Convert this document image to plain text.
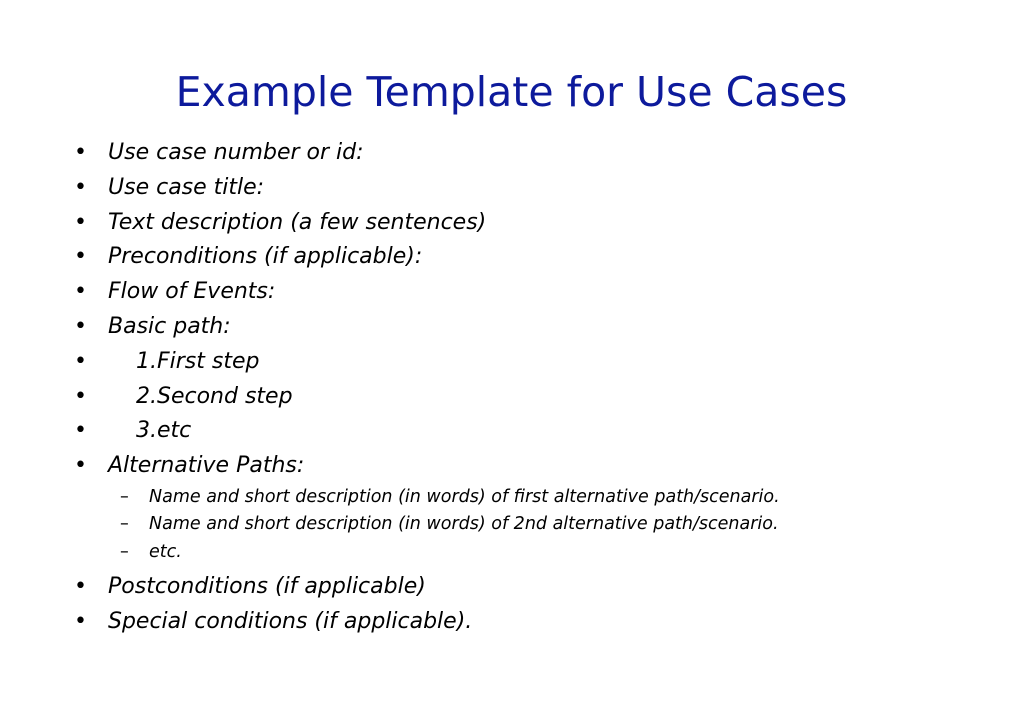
Example Template for Use Cases
• Use case number or id:
• Use case title:
• Text description (a few sentences)
• Preconditions (if applicable):
• Flow of Events:
• Basic path:
• 1.First step
• 2.Second step
• 3.etc
• Alternative Paths:
– Name and short description (in words) of first alternative path/scenario.
– Name and short description (in words) of 2nd alternative path/scenario.
– etc.
• Postconditions (if applicable)
• Special conditions (if applicable).
